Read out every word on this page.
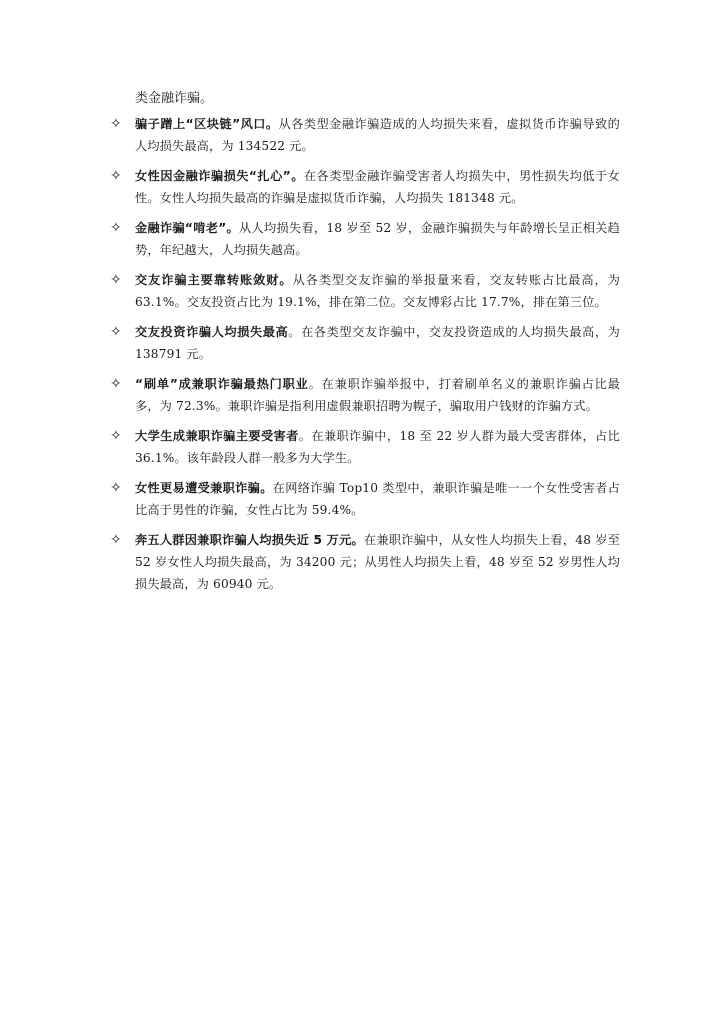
类金融诈骗。

✧ 骗子蹭上“区块链”风口。从各类型金融诈骗造成的人均损失来看，虚拟货币诈骗导致的人均损失最高，为 134522 元。
✧ 女性因金融诈骗损失“扎心”。在各类型金融诈骗受害者人均损失中，男性损失均低于女性。女性人均损失最高的诈骗是虚拟货币诈骗，人均损失 181348 元。
✧ 金融诈骗“啃老”。从人均损失看，18 岁至 52 岁，金融诈骗损失与年龄增长呈正相关趋势，年纪越大，人均损失越高。
✧ 交友诈骗主要靠转账敛财。从各类型交友诈骗的举报量来看，交友转账占比最高，为 63.1%。交友投资占比为 19.1%，排在第二位。交友博彩占比 17.7%，排在第三位。
✧ 交友投资诈骗人均损失最高。在各类型交友诈骗中，交友投资造成的人均损失最高，为 138791 元。
✧ “刷单”成兼职诈骗最热门职业。在兼职诈骗举报中，打着刷单名义的兼职诈骗占比最多，为 72.3%。兼职诈骗是指利用虚假兼职招聘为幌子，骗取用户钱财的诈骗方式。
✧ 大学生成兼职诈骗主要受害者。在兼职诈骗中，18 至 22 岁人群为最大受害群体，占比 36.1%。该年龄段人群一般多为大学生。
✧ 女性更易遭受兼职诈骗。在网络诈骗 Top10 类型中，兼职诈骗是唯一一个女性受害者占比高于男性的诈骗，女性占比为 59.4%。
✧ 奔五人群因兼职诈骗人均损失近 5 万元。在兼职诈骗中，从女性人均损失上看，48 岁至 52 岁女性人均损失最高，为 34200 元；从男性人均损失上看，48 岁至 52 岁男性人均损失最高，为 60940 元。
